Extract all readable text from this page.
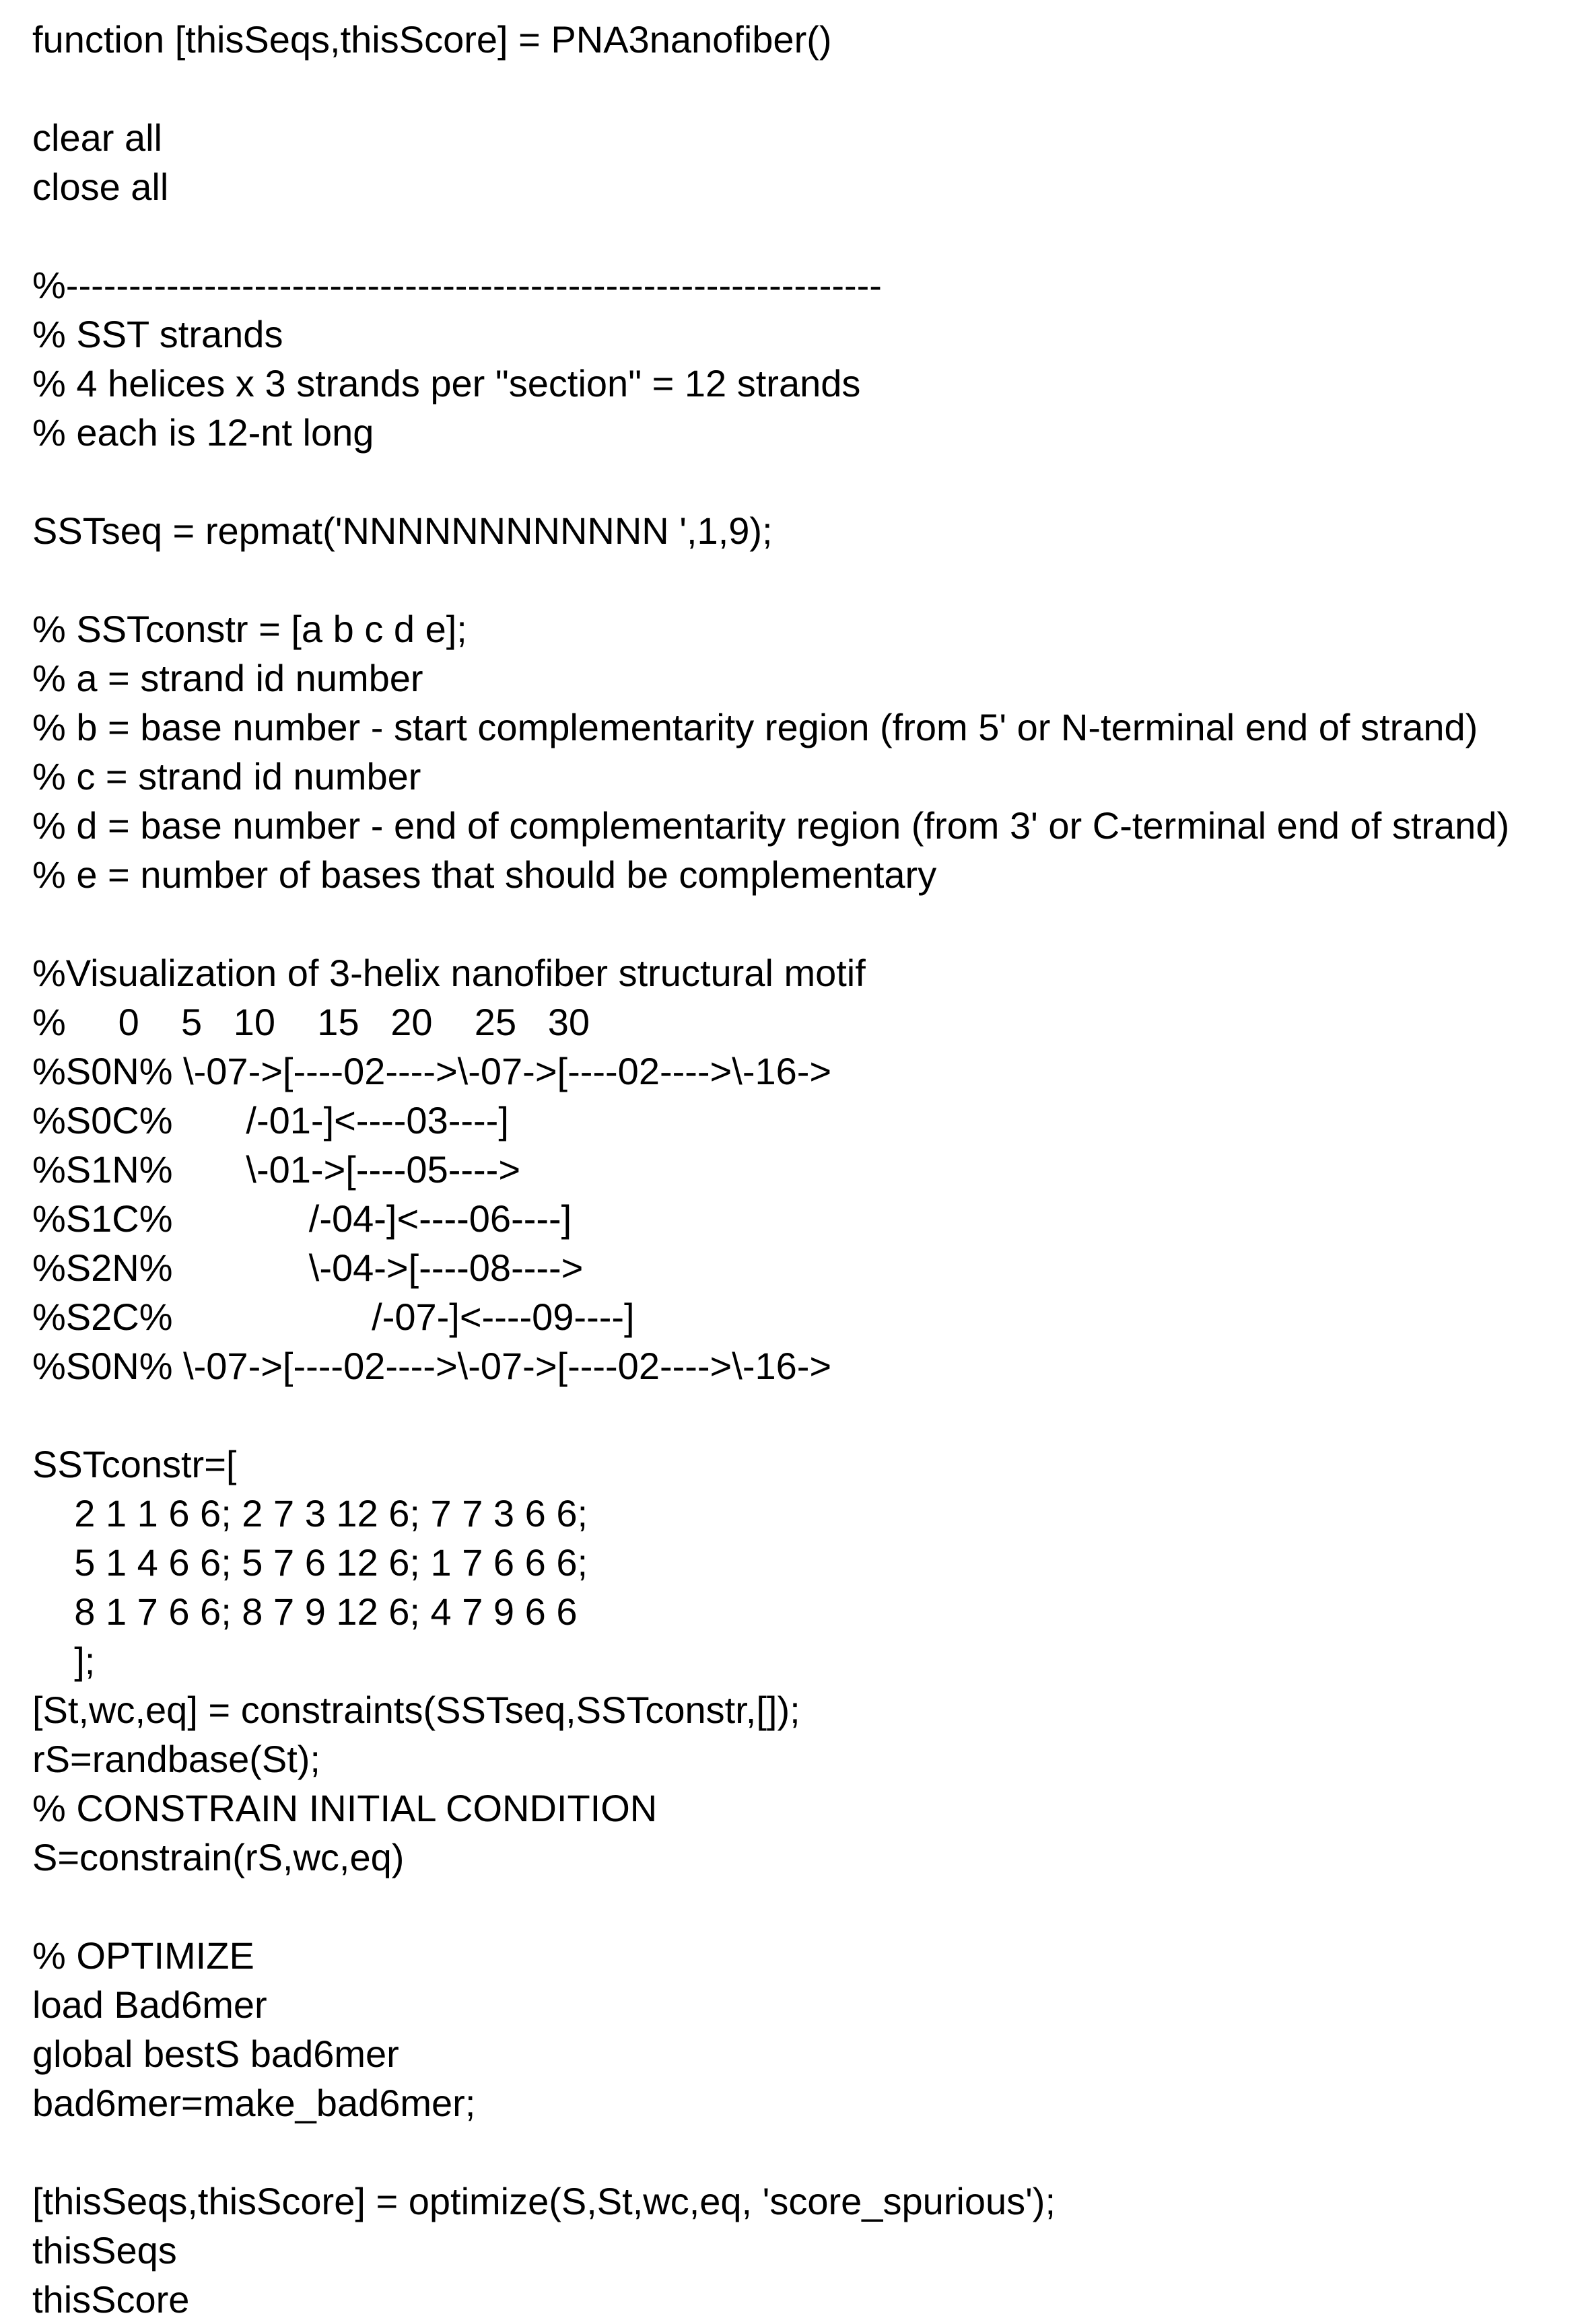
function [thisSeqs,thisScore] = PNA3nanofiber()
clear all
close all
%-----------------------------------------------------------------
% SST strands
% 4 helices x 3 strands per "section" = 12 strands
% each is 12-nt long
SSTseq = repmat('NNNNNNNNNNNN ',1,9);
% SSTconstr = [a b c d e];
% a = strand id number
% b = base number - start complementarity region (from 5' or N-terminal end of strand)
% c = strand id number
% d = base number - end of complementarity region (from 3' or C-terminal end of strand)
% e = number of bases that should be complementary
%Visualization of 3-helix nanofiber structural motif
%     0    5   10    15   20    25   30
%S0N% \-07->[----02---->\-07->[----02---->\-16->
%S0C%       /-01-]<----03----]
%S1N%       \-01->[----05---->
%S1C%             /-04-]<----06----]
%S2N%             \-04->[----08---->
%S2C%                   /-07-]<----09----]
%S0N% \-07->[----02---->\-07->[----02---->\-16->
SSTconstr=[
2 1 1 6 6; 2 7 3 12 6; 7 7 3 6 6;
5 1 4 6 6; 5 7 6 12 6; 1 7 6 6 6;
8 1 7 6 6; 8 7 9 12 6; 4 7 9 6 6
];
[St,wc,eq] = constraints(SSTseq,SSTconstr,[]);
rS=randbase(St);
% CONSTRAIN INITIAL CONDITION
S=constrain(rS,wc,eq)
% OPTIMIZE
load Bad6mer
global bestS bad6mer
bad6mer=make_bad6mer;
[thisSeqs,thisScore] = optimize(S,St,wc,eq, 'score_spurious');
thisSeqs
thisScore
